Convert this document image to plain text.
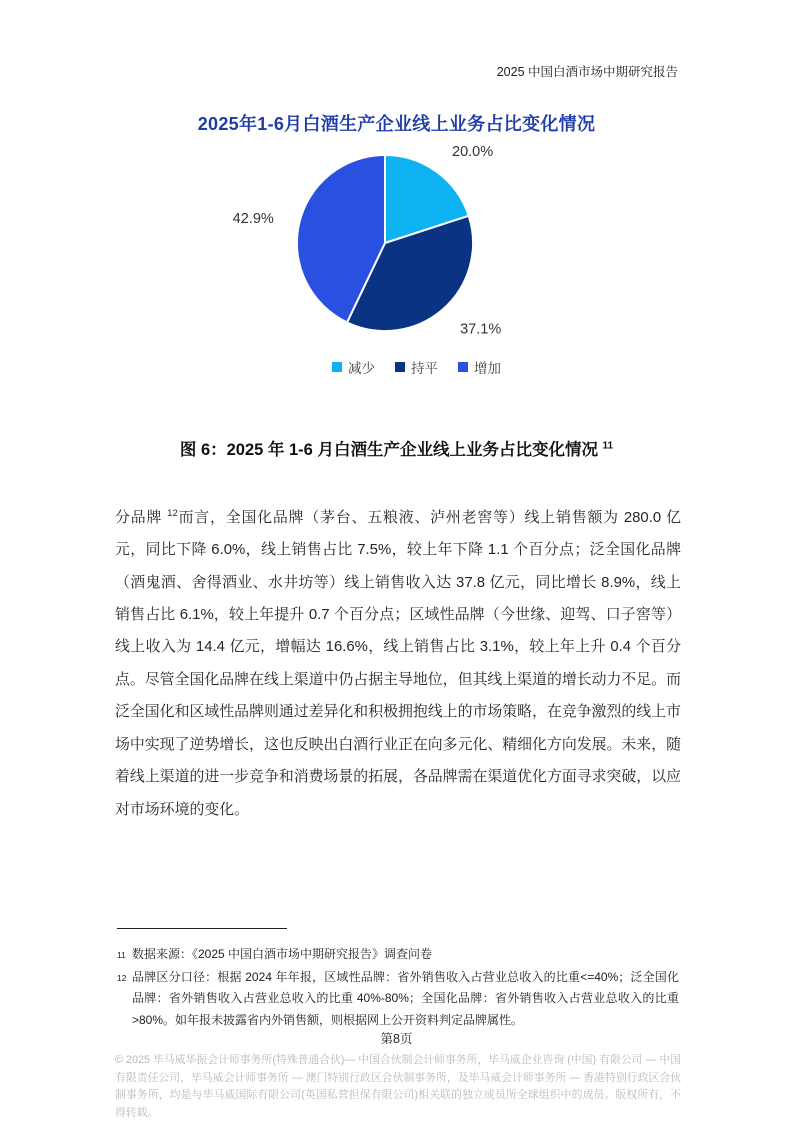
2025 中国白酒市场中期研究报告
2025年1-6月白酒生产企业线上业务占比变化情况
20.0%
37.1%
42.9%
减少	持平	增加
图 6：2025 年 1-6 月白酒生产企业线上业务占比变化情况 $^{11}$

分品牌 $^{12}$而言，全国化品牌（茅台、五粮液、泸州老窖等）线上销售额为 280.0 亿元，同比下降 6.0%，线上销售占比 7.5%，较上年下降 1.1 个百分点；泛全国化品牌（酒鬼酒、舍得酒业、水井坊等）线上销售收入达 37.8 亿元，同比增长 8.9%，线上销售占比 6.1%，较上年提升 0.7 个百分点；区域性品牌（今世缘、迎驾、口子窖等）线上收入为 14.4 亿元，增幅达 16.6%，线上销售占比 3.1%，较上年上升 0.4 个百分点。尽管全国化品牌在线上渠道中仍占据主导地位，但其线上渠道的增长动力不足。而泛全国化和区域性品牌则通过差异化和积极拥抱线上的市场策略，在竞争激烈的线上市场中实现了逆势增长，这也反映出白酒行业正在向多元化、精细化方向发展。未来，随着线上渠道的进一步竞争和消费场景的拓展，各品牌需在渠道优化方面寻求突破，以应对市场环境的变化。

11 数据来源：《2025 中国白酒市场中期研究报告》调查问卷
12 品牌区分口径：根据 2024 年年报，区域性品牌：省外销售收入占营业总收入的比重<=40%；泛全国化品牌：省外销售收入占营业总收入的比重 40%-80%；全国化品牌：省外销售收入占营业总收入的比重>80%。如年报未披露省内外销售额，则根据网上公开资料判定品牌属性。
第8页
© 2025 毕马威华振会计师事务所(特殊普通合伙)— 中国合伙制会计师事务所，毕马威企业咨询 (中国) 有限公司 — 中国有限责任公司，毕马威会计师事务所 — 澳门特别行政区合伙制事务所，及毕马威会计师事务所 — 香港特别行政区合伙制事务所，均是与毕马威国际有限公司(英国私营担保有限公司)相关联的独立成员所全球组织中的成员。版权所有，不得转载。
